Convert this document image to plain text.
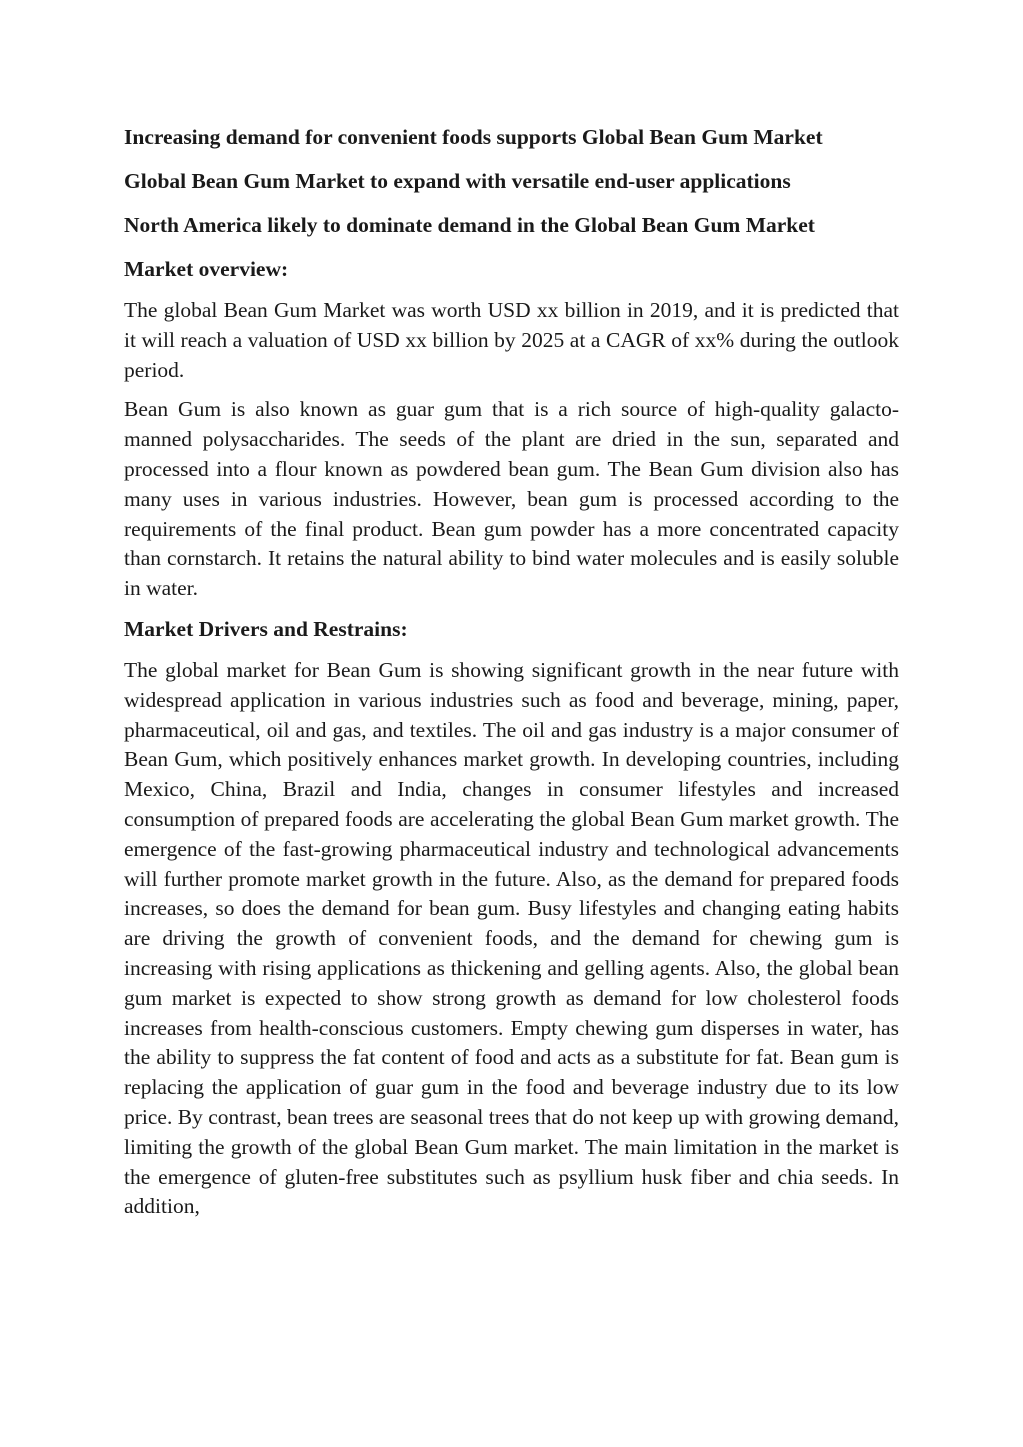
Increasing demand for convenient foods supports Global Bean Gum Market
Global Bean Gum Market to expand with versatile end-user applications
North America likely to dominate demand in the Global Bean Gum Market
Market overview:

The global Bean Gum Market was worth USD xx billion in 2019, and it is predicted that it will reach a valuation of USD xx billion by 2025 at a CAGR of xx% during the outlook period.

Bean Gum is also known as guar gum that is a rich source of high-quality galacto-manned polysaccharides. The seeds of the plant are dried in the sun, separated and processed into a flour known as powdered bean gum. The Bean Gum division also has many uses in various industries. However, bean gum is processed according to the requirements of the final product. Bean gum powder has a more concentrated capacity than cornstarch. It retains the natural ability to bind water molecules and is easily soluble in water.

Market Drivers and Restrains:

The global market for Bean Gum is showing significant growth in the near future with widespread application in various industries such as food and beverage, mining, paper, pharmaceutical, oil and gas, and textiles. The oil and gas industry is a major consumer of Bean Gum, which positively enhances market growth. In developing countries, including Mexico, China, Brazil and India, changes in consumer lifestyles and increased consumption of prepared foods are accelerating the global Bean Gum market growth. The emergence of the fast-growing pharmaceutical industry and technological advancements will further promote market growth in the future. Also, as the demand for prepared foods increases, so does the demand for bean gum. Busy lifestyles and changing eating habits are driving the growth of convenient foods, and the demand for chewing gum is increasing with rising applications as thickening and gelling agents. Also, the global bean gum market is expected to show strong growth as demand for low cholesterol foods increases from health-conscious customers. Empty chewing gum disperses in water, has the ability to suppress the fat content of food and acts as a substitute for fat. Bean gum is replacing the application of guar gum in the food and beverage industry due to its low price. By contrast, bean trees are seasonal trees that do not keep up with growing demand, limiting the growth of the global Bean Gum market. The main limitation in the market is the emergence of gluten-free substitutes such as psyllium husk fiber and chia seeds. In addition,
